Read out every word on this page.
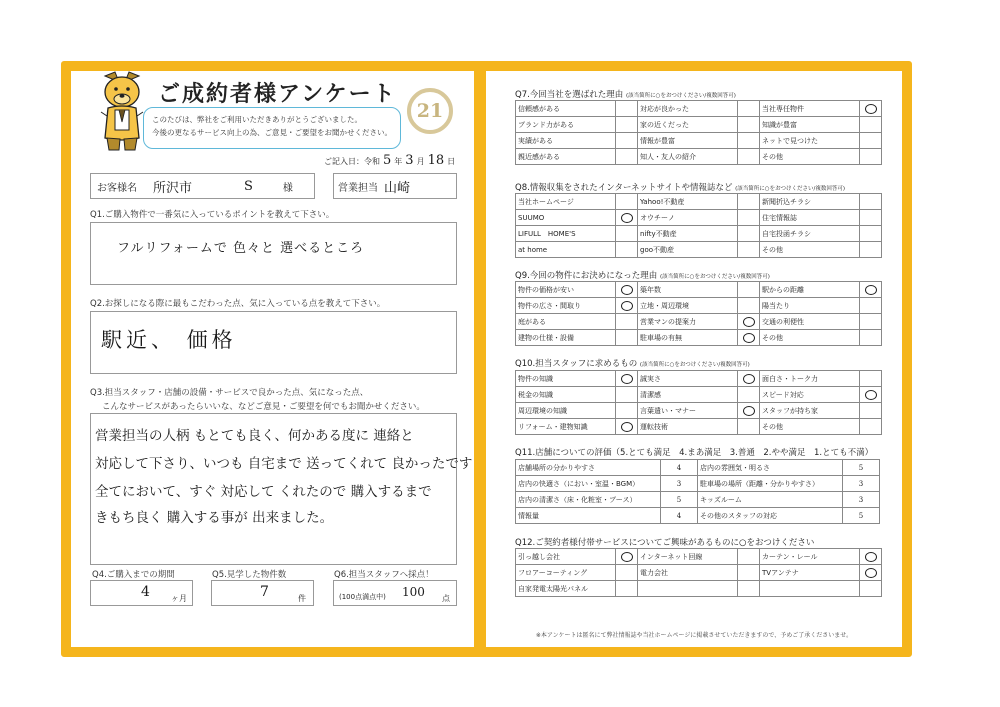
ご成約者様アンケート
このたびは、弊社をご利用いただきありがとうございました。
今後の更なるサービス向上の為、ご意見・ご要望をお聞かせください。
21
ご記入日：令和 5 年 3 月 18 日
お客様名 所沢市	S	様	営業担当 山崎
Q1.ご購入物件で一番気に入っているポイントを教えて下さい。
フルリフォームで 色々と 選べるところ
Q2.お探しになる際に最もこだわった点、気に入っている点を教えて下さい。
駅近、 価格
Q3.担当スタッフ・店舗の設備・サービスで良かった点、気になった点、
こんなサービスがあったらいいな、などご意見・ご要望を何でもお聞かせください。
営業担当の人柄 もとても良く、何かある度に 連絡と
対応して下さり、いつも 自宅まで 送ってくれて 良かったです
全てにおいて、すぐ 対応して くれたので 購入するまで
きもち良く 購入する事が 出来ました。
Q4.ご購入までの期間
4	ヶ月
Q5.見学した物件数
7	件
Q6.担当スタッフへ採点！
(100点満点中) 100 点
Q7.今回当社を選ばれた理由 (該当箇所に○をおつけください/複数回答可)
信頼感がある		対応が良かった		当社専任物件	
ブランド力がある		家の近くだった		知識が豊富	
実績がある		情報が豊富		ネットで見つけた	
親近感がある		知人・友人の紹介		その他	
Q8.情報収集をされたインターネットサイトや情報誌など (該当箇所に○をおつけください/複数回答可)
当社ホームページ		Yahoo!不動産		新聞折込チラシ	
SUUMO		オウチーノ		住宅情報誌	
LIFULL　HOME'S		nifty不動産		自宅投函チラシ	
at home		goo不動産		その他	
Q9.今回の物件にお決めになった理由 (該当箇所に○をおつけください/複数回答可)
物件の価格が安い		築年数		駅からの距離	
物件の広さ・間取り		立地・周辺環境		陽当たり	
庭がある		営業マンの提案力		交通の利便性	
建物の仕様・設備		駐車場の有無		その他	
Q10.担当スタッフに求めるもの (該当箇所に○をおつけください/複数回答可)
物件の知識		誠実さ		面白さ・トーク力	
税金の知識		清潔感		スピード対応	
周辺環境の知識		言葉遣い・マナー		スタッフが持ち家	
リフォーム・建物知識		運転技術		その他	
Q11.店舗についての評価（5.とても満足　4.まあ満足　3.普通　2.やや満足　1.とても不満）
店舗場所の分かりやすさ	4	店内の雰囲気・明るさ	5
店内の快適さ（におい・室温・BGM）	3	駐車場の場所（距離・分かりやすさ）	3
店内の清潔さ（床・化粧室・ブース）	5	キッズルーム	3
情報量	4	その他のスタッフの対応	5
Q12.ご契約者様付帯サービスについてご興味があるものに○をおつけください
引っ越し会社		インターネット回線		カーテン・レール	
フロアーコーティング		電力会社		TVアンテナ	
自家発電太陽光パネル					
※本アンケートは匿名にて弊社情報誌や当社ホームページに掲載させていただきますので、予めご了承くださいませ。
